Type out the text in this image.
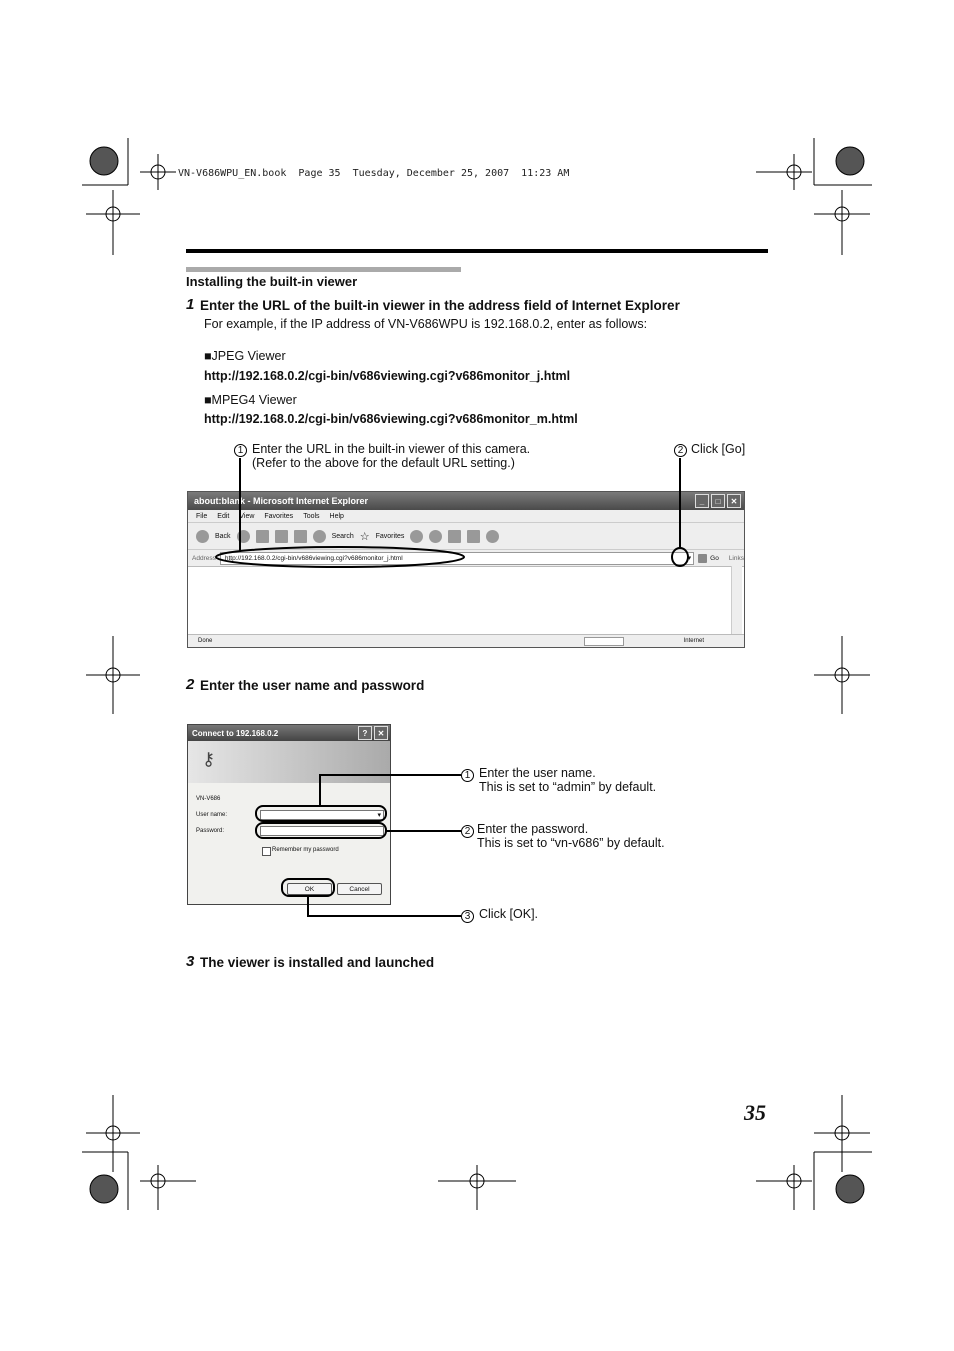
VN-V686WPU_EN.book  Page 35  Tuesday, December 25, 2007  11:23 AM
Installing the built-in viewer
1 Enter the URL of the built-in viewer in the address field of Internet Explorer
For example, if the IP address of VN-V686WPU is 192.168.0.2, enter as follows:
■JPEG Viewer
http://192.168.0.2/cgi-bin/v686viewing.cgi?v686monitor_j.html
■MPEG4 Viewer
http://192.168.0.2/cgi-bin/v686viewing.cgi?v686monitor_m.html
1 Enter the URL in the built-in viewer of this camera.
(Refer to the above for the default URL setting.)
2 Click [Go]
about:blank - Microsoft Internet Explorer	_ □ ✕
File Edit View Favorites Tools Help
Back	Search ☆ Favorites
Address http://192.168.0.2/cgi-bin/v686viewing.cgi?v686monitor_j.html	▾	Go Links
Done	Internet
2 Enter the user name and password
Connect to 192.168.0.2	? ✕
⚷
VN-V686
User name:	▾
Password:
Remember my password
OK	Cancel
1 Enter the user name.
This is set to “admin” by default.
2 Enter the password.
This is set to “vn-v686” by default.
3 Click [OK].
3 The viewer is installed and launched
35
